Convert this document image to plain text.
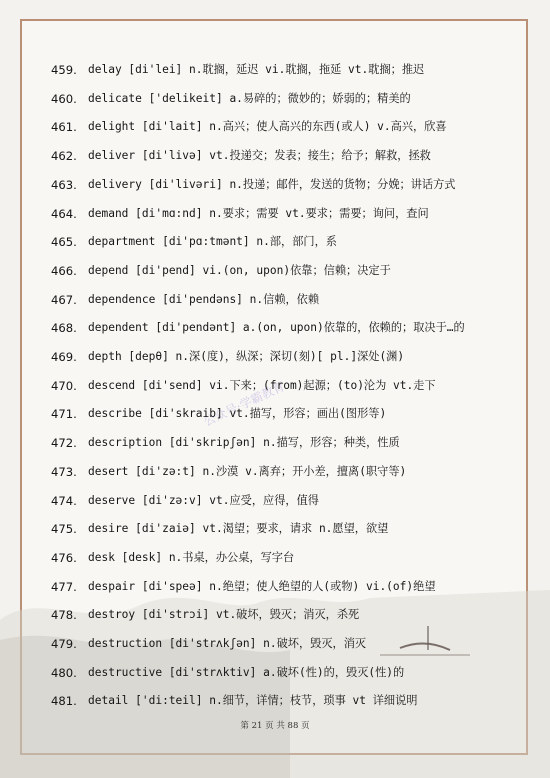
公众号·学霸教育
459. delay [di'lei] n.耽搁，延迟 vi.耽搁，拖延 vt.耽搁；推迟
460. delicate ['delikeit] a.易碎的；微妙的；娇弱的；精美的
461. delight [di'lait] n.高兴；使人高兴的东西(或人) v.高兴，欣喜
462. deliver [di'livə] vt.投递交；发表；接生；给予；解救，拯救
463. delivery [di'livəri] n.投递；邮件，发送的货物；分娩；讲话方式
464. demand [di'mɑ:nd] n.要求；需要 vt.要求；需要；询问，查问
465. department [di'pɑ:tmənt] n.部，部门，系
466. depend [di'pend] vi.(on, upon)依靠；信赖；决定于
467. dependence [di'pendəns] n.信赖，依赖
468. dependent [di'pendənt] a.(on, upon)依靠的，依赖的；取决于…的
469. depth [depθ] n.深(度)，纵深；深切(刻)[ pl.]深处(渊)
470. descend [di'send] vi.下来；(from)起源；(to)沦为 vt.走下
471. describe [di'skraib] vt.描写，形容；画出(图形等)
472. description [di'skripʃən] n.描写，形容；种类，性质
473. desert [di'zə:t] n.沙漠 v.离弃；开小差，擅离(职守等)
474. deserve [di'zə:v] vt.应受，应得，值得
475. desire [di'zaiə] vt.渴望；要求，请求 n.愿望，欲望
476. desk [desk] n.书桌，办公桌，写字台
477. despair [di'speə] n.绝望；使人绝望的人(或物) vi.(of)绝望
478. destroy [di'strɔi] vt.破坏，毁灭；消灭，杀死
479. destruction [di'strʌkʃən] n.破坏，毁灭，消灭
480. destructive [di'strʌktiv] a.破坏(性)的，毁灭(性)的
481. detail ['di:teil] n.细节，详情；枝节，琐事 vt 详细说明
第 21 页 共 88 页
